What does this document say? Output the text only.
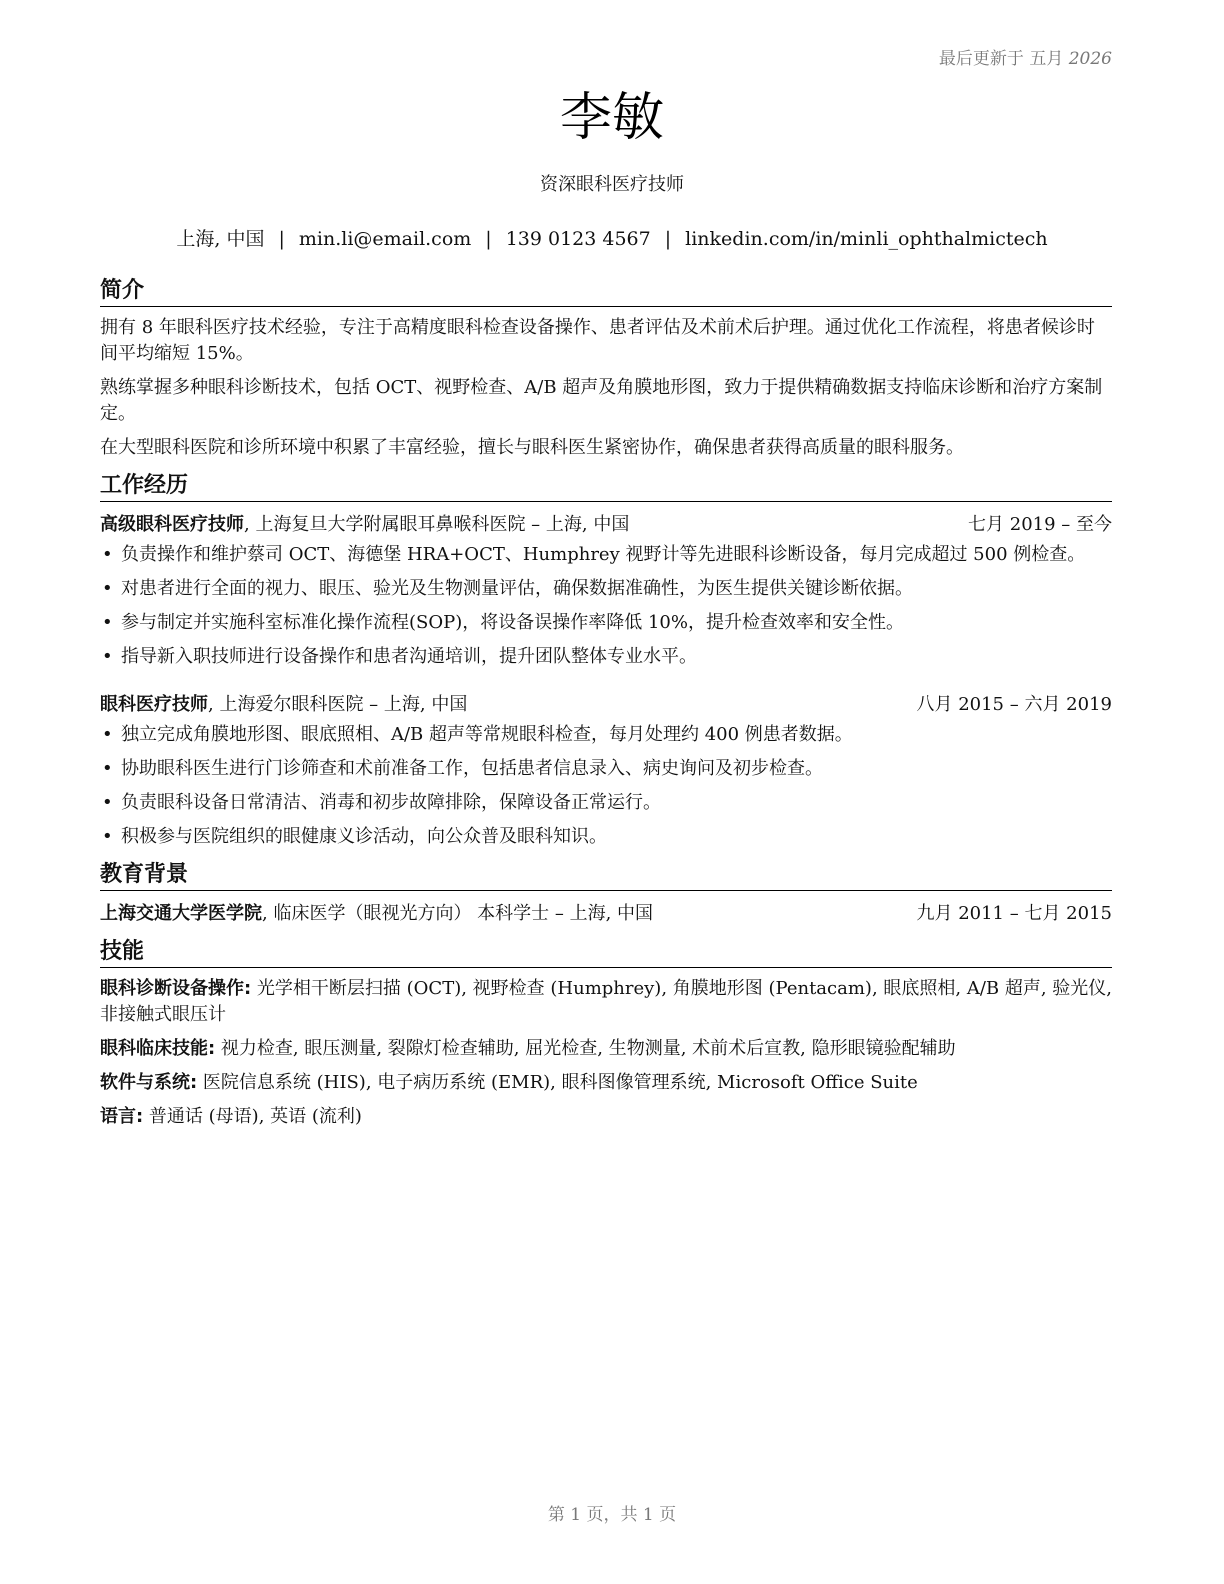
最后更新于 五月 2026
李敏
资深眼科医疗技师
上海, 中国 | min.li@email.com | 139 0123 4567 | linkedin.com/in/minli_ophthalmictech
简介

拥有 8 年眼科医疗技术经验，专注于高精度眼科检查设备操作、患者评估及术前术后护理。通过优化工作流程，将患者候诊时间平均缩短 15%。

熟练掌握多种眼科诊断技术，包括 OCT、视野检查、A/B 超声及角膜地形图，致力于提供精确数据支持临床诊断和治疗方案制定。

在大型眼科医院和诊所环境中积累了丰富经验，擅长与眼科医生紧密协作，确保患者获得高质量的眼科服务。

工作经历
高级眼科医疗技师, 上海复旦大学附属眼耳鼻喉科医院 – 上海, 中国	七月 2019 – 至今
• 负责操作和维护蔡司 OCT、海德堡 HRA+OCT、Humphrey 视野计等先进眼科诊断设备，每月完成超过 500 例检查。
• 对患者进行全面的视力、眼压、验光及生物测量评估，确保数据准确性，为医生提供关键诊断依据。
• 参与制定并实施科室标准化操作流程(SOP)，将设备误操作率降低 10%，提升检查效率和安全性。
• 指导新入职技师进行设备操作和患者沟通培训，提升团队整体专业水平。
眼科医疗技师, 上海爱尔眼科医院 – 上海, 中国	八月 2015 – 六月 2019
• 独立完成角膜地形图、眼底照相、A/B 超声等常规眼科检查，每月处理约 400 例患者数据。
• 协助眼科医生进行门诊筛查和术前准备工作，包括患者信息录入、病史询问及初步检查。
• 负责眼科设备日常清洁、消毒和初步故障排除，保障设备正常运行。
• 积极参与医院组织的眼健康义诊活动，向公众普及眼科知识。
教育背景
上海交通大学医学院, 临床医学（眼视光方向） 本科学士 – 上海, 中国	九月 2011 – 七月 2015
技能
眼科诊断设备操作: 光学相干断层扫描 (OCT), 视野检查 (Humphrey), 角膜地形图 (Pentacam), 眼底照相, A/B 超声, 验光仪, 非接触式眼压计
眼科临床技能: 视力检查, 眼压测量, 裂隙灯检查辅助, 屈光检查, 生物测量, 术前术后宣教, 隐形眼镜验配辅助
软件与系统: 医院信息系统 (HIS), 电子病历系统 (EMR), 眼科图像管理系统, Microsoft Office Suite
语言: 普通话 (母语), 英语 (流利)
第 1 页，共 1 页
